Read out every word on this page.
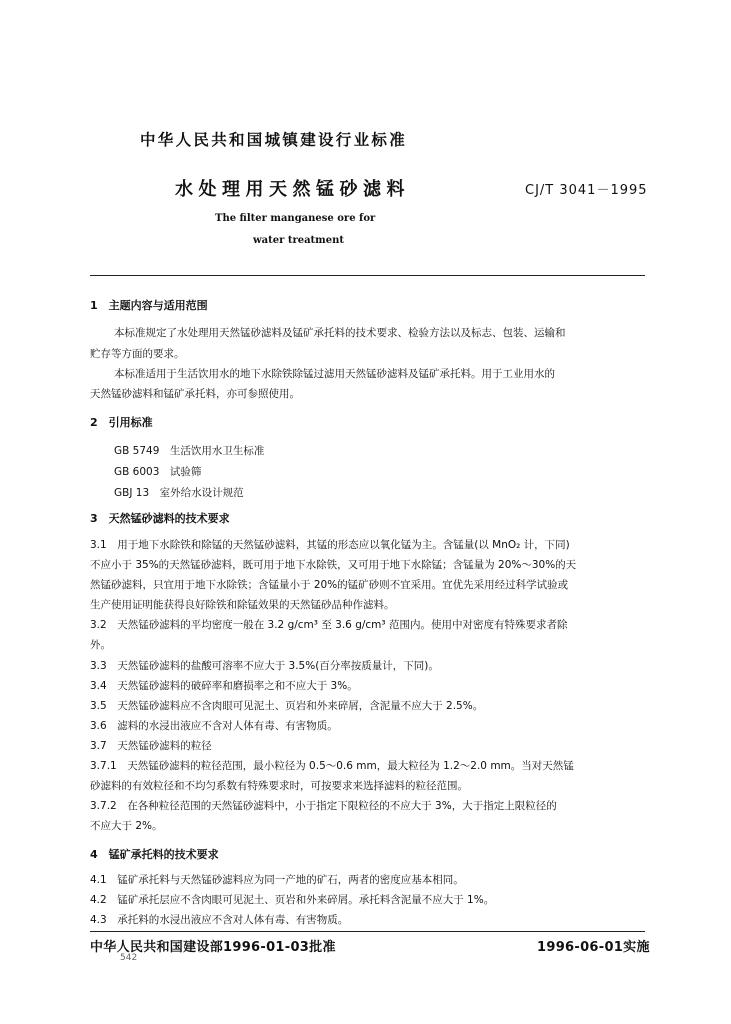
中华人民共和国城镇建设行业标准
水处理用天然锰砂滤料	CJ/T 3041－1995
The filter manganese ore for
water treatment
1　主题内容与适用范围
本标准规定了水处理用天然锰砂滤料及锰矿承托料的技术要求、检验方法以及标志、包装、运输和
贮存等方面的要求。
本标准适用于生活饮用水的地下水除铁除锰过滤用天然锰砂滤料及锰矿承托料。用于工业用水的
天然锰砂滤料和锰矿承托料，亦可参照使用。
2　引用标准
GB 5749　生活饮用水卫生标准
GB 6003　试验筛
GBJ 13　室外给水设计规范
3　天然锰砂滤料的技术要求
3.1　用于地下水除铁和除锰的天然锰砂滤料，其锰的形态应以氧化锰为主。含锰量(以 MnO₂ 计，下同)
不应小于 35%的天然锰砂滤料，既可用于地下水除铁，又可用于地下水除锰；含锰量为 20%～30%的天
然锰砂滤料，只宜用于地下水除铁；含锰量小于 20%的锰矿砂则不宜采用。宜优先采用经过科学试验或
生产使用证明能获得良好除铁和除锰效果的天然锰砂品种作滤料。
3.2　天然锰砂滤料的平均密度一般在 3.2 g/cm³ 至 3.6 g/cm³ 范围内。使用中对密度有特殊要求者除
外。
3.3　天然锰砂滤料的盐酸可溶率不应大于 3.5%(百分率按质量计，下同)。
3.4　天然锰砂滤料的破碎率和磨损率之和不应大于 3%。
3.5　天然锰砂滤料应不含肉眼可见泥土、页岩和外来碎屑，含泥量不应大于 2.5%。
3.6　滤料的水浸出液应不含对人体有毒、有害物质。
3.7　天然锰砂滤料的粒径
3.7.1　天然锰砂滤料的粒径范围，最小粒径为 0.5～0.6 mm，最大粒径为 1.2～2.0 mm。当对天然锰
砂滤料的有效粒径和不均匀系数有特殊要求时，可按要求来选择滤料的粒径范围。
3.7.2　在各种粒径范围的天然锰砂滤料中，小于指定下限粒径的不应大于 3%，大于指定上限粒径的
不应大于 2%。
4　锰矿承托料的技术要求
4.1　锰矿承托料与天然锰砂滤料应为同一产地的矿石，两者的密度应基本相同。
4.2　锰矿承托层应不含肉眼可见泥土、页岩和外来碎屑。承托料含泥量不应大于 1%。
4.3　承托料的水浸出液应不含对人体有毒、有害物质。
中华人民共和国建设部1996-01-03批准	1996-06-01实施
542
